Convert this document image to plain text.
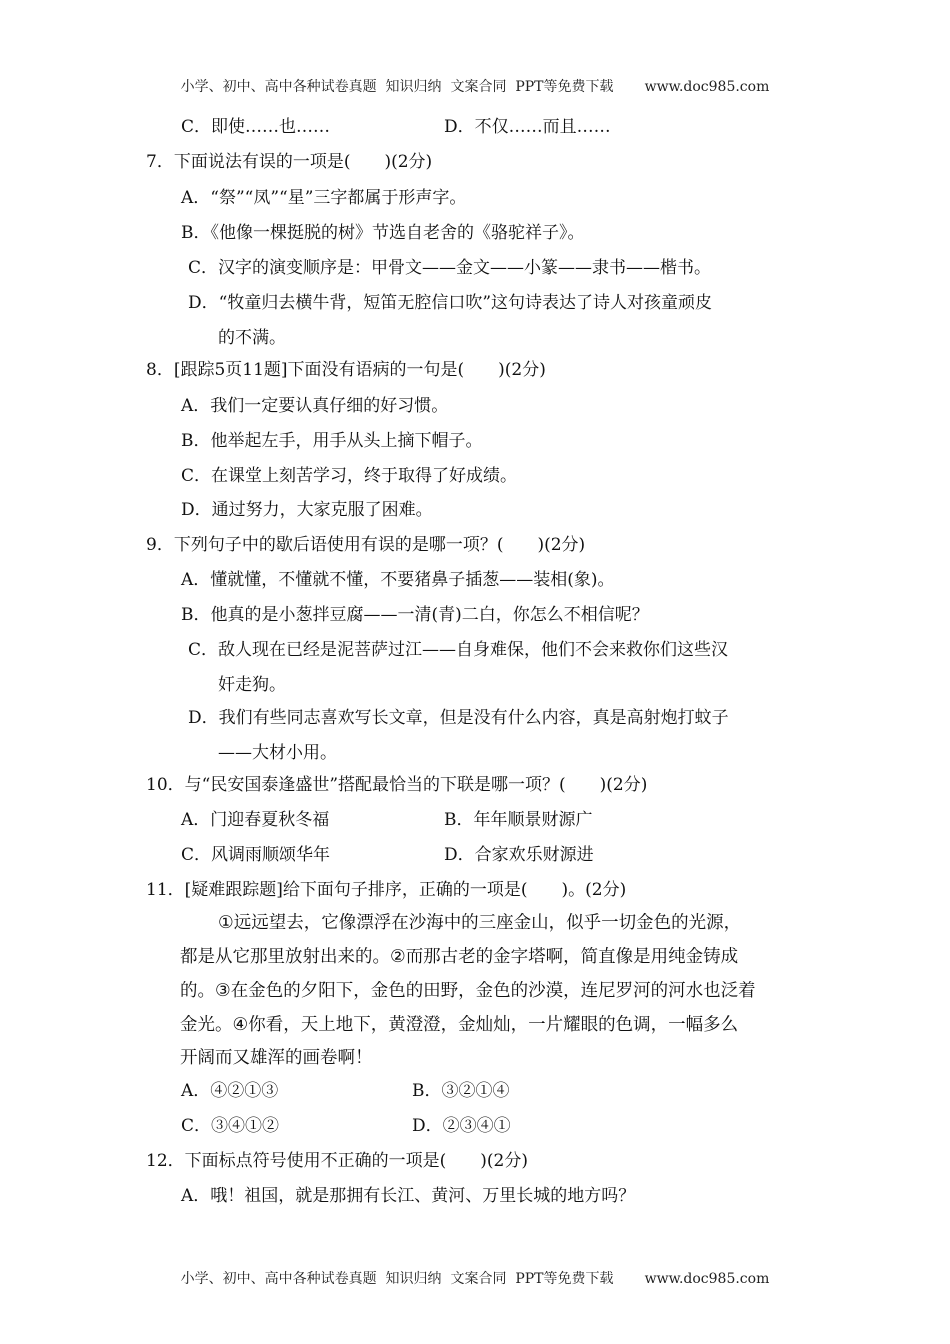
小学、初中、高中各种试卷真题  知识归纳  文案合同  PPT等免费下载       www.doc985.com
C．即使……也……	D．不仅……而且……
7．下面说法有误的一项是(　　)(2分)
A．“祭”“凤”“星”三字都属于形声字。
B．《他像一棵挺脱的树》节选自老舍的《骆驼祥子》。
C．汉字的演变顺序是：甲骨文——金文——小篆——隶书——楷书。
D．“牧童归去横牛背，短笛无腔信口吹”这句诗表达了诗人对孩童顽皮
的不满。
8．[跟踪5页11题]下面没有语病的一句是(　　)(2分)
A．我们一定要认真仔细的好习惯。
B．他举起左手，用手从头上摘下帽子。
C．在课堂上刻苦学习，终于取得了好成绩。
D．通过努力，大家克服了困难。
9．下列句子中的歇后语使用有误的是哪一项？(　　)(2分)
A．懂就懂，不懂就不懂，不要猪鼻子插葱——装相(象)。
B．他真的是小葱拌豆腐——一清(青)二白，你怎么不相信呢？
C．敌人现在已经是泥菩萨过江——自身难保，他们不会来救你们这些汉
奸走狗。
D．我们有些同志喜欢写长文章，但是没有什么内容，真是高射炮打蚊子
——大材小用。
10．与“民安国泰逢盛世”搭配最恰当的下联是哪一项？(　　)(2分)
A．门迎春夏秋冬福	B．年年顺景财源广
C．风调雨顺颂华年	D．合家欢乐财源进
11．[疑难跟踪题]给下面句子排序，正确的一项是(　　)。(2分)
①远远望去，它像漂浮在沙海中的三座金山，似乎一切金色的光源，
都是从它那里放射出来的。②而那古老的金字塔啊，简直像是用纯金铸成
的。③在金色的夕阳下，金色的田野，金色的沙漠，连尼罗河的河水也泛着
金光。④你看，天上地下，黄澄澄，金灿灿，一片耀眼的色调，一幅多么
开阔而又雄浑的画卷啊！
A．④②①③	B．③②①④
C．③④①②	D．②③④①
12．下面标点符号使用不正确的一项是(　　)(2分)
A．哦！祖国，就是那拥有长江、黄河、万里长城的地方吗？
小学、初中、高中各种试卷真题  知识归纳  文案合同  PPT等免费下载       www.doc985.com
